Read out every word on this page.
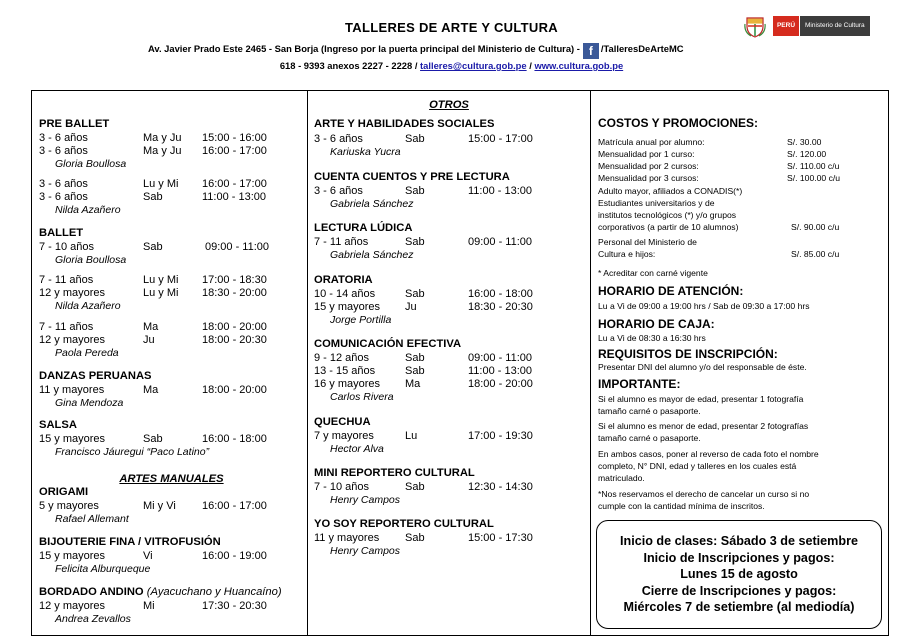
TALLERES DE ARTE Y CULTURA
Av. Javier Prado Este 2465 - San Borja (Ingreso por la puerta principal del Ministerio de Cultura) - f /TalleresDeArteMC
618 - 9393 anexos 2227 - 2228 / talleres@cultura.gob.pe / www.cultura.gob.pe
PERÚ	Ministerio de Cultura
PRE BALLET
3 - 6 años	Ma y Ju 15:00 - 16:00
3 - 6 años	Ma y Ju 16:00 - 17:00
Gloria Boullosa
3 - 6 años	Lu y Mi 16:00 - 17:00
3 - 6 años	Sab	11:00 - 13:00
Nilda Azañero
BALLET
7 - 10 años	Sab	09:00 - 11:00
Gloria Boullosa
7 - 11 años	Lu y Mi 17:00 - 18:30
12 y mayores	Lu y Mi 18:30 - 20:00
Nilda Azañero
7 - 11 años	Ma	18:00 - 20:00
12 y mayores	Ju	18:00 - 20:30
Paola Pereda
DANZAS PERUANAS
11 y mayores	Ma	18:00 - 20:00
Gina Mendoza
SALSA
15 y mayores	Sab	16:00 - 18:00
Francisco Jáuregui “Paco Latino”
ARTES MANUALES
ORIGAMI
5 y mayores	Mi y Vi 16:00 - 17:00
Rafael Allemant
BIJOUTERIE FINA / VITROFUSIÓN
15 y mayores	Vi	16:00 - 19:00
Felicita Alburqueque
BORDADO ANDINO (Ayacuchano y Huancaíno)
12 y mayores	Mi	17:30 - 20:30
Andrea Zevallos
OTROS
ARTE Y HABILIDADES SOCIALES
3 - 6 años	Sab	15:00 - 17:00
Kariuska Yucra
CUENTA CUENTOS Y PRE LECTURA
3 - 6 años	Sab	11:00 - 13:00
Gabriela Sánchez
LECTURA LÚDICA
7 - 11 años	Sab	09:00 - 11:00
Gabriela Sánchez
ORATORIA
10 - 14 años	Sab	16:00 - 18:00
15 y mayores Ju	18:30 - 20:30
Jorge Portilla
COMUNICACIÓN EFECTIVA
9 - 12 años	Sab	09:00 - 11:00
13 - 15 años	Sab	11:00 - 13:00
16 y mayores Ma	18:00 - 20:00
Carlos Rivera
QUECHUA
7 y mayores	Lu	17:00 - 19:30
Hector Alva
MINI REPORTERO CULTURAL
7 - 10 años	Sab	12:30 - 14:30
Henry Campos
YO SOY REPORTERO CULTURAL
11 y mayores Sab	15:00 - 17:30
Henry Campos
COSTOS Y PROMOCIONES:
Matrícula anual por alumno:	S/. 30.00
Mensualidad por 1 curso:	S/. 120.00
Mensualidad por 2 cursos:	S/. 110.00 c/u
Mensualidad por 3 cursos:	S/. 100.00 c/u
Adulto mayor, afiliados a CONADIS(*)
Estudiantes universitarios y de
institutos tecnológicos (*) y/o grupos
corporativos (a partir de 10 alumnos)	S/. 90.00 c/u
Personal del Ministerio de
Cultura e hijos:	S/. 85.00 c/u
* Acreditar con carné vigente
HORARIO DE ATENCIÓN:
Lu a Vi de 09:00 a 19:00 hrs / Sab de 09:30 a 17:00 hrs
HORARIO DE CAJA:
Lu a Vi de 08:30 a 16:30 hrs
REQUISITOS DE INSCRIPCIÓN:
Presentar DNI del alumno y/o del responsable de éste.
IMPORTANTE:
Si el alumno es mayor de edad, presentar 1 fotografía
tamaño carné o pasaporte.
Si el alumno es menor de edad, presentar 2 fotografías
tamaño carné o pasaporte.
En ambos casos, poner al reverso de cada foto el nombre
completo, N° DNI, edad y talleres en los cuales está
matriculado.
*Nos reservamos el derecho de cancelar un curso si no
cumple con la cantidad mínima de inscritos.
Inicio de clases: Sábado 3 de setiembre
Inicio de Inscripciones y pagos:
Lunes 15 de agosto
Cierre de Inscripciones y pagos:
Miércoles 7 de setiembre (al mediodía)
